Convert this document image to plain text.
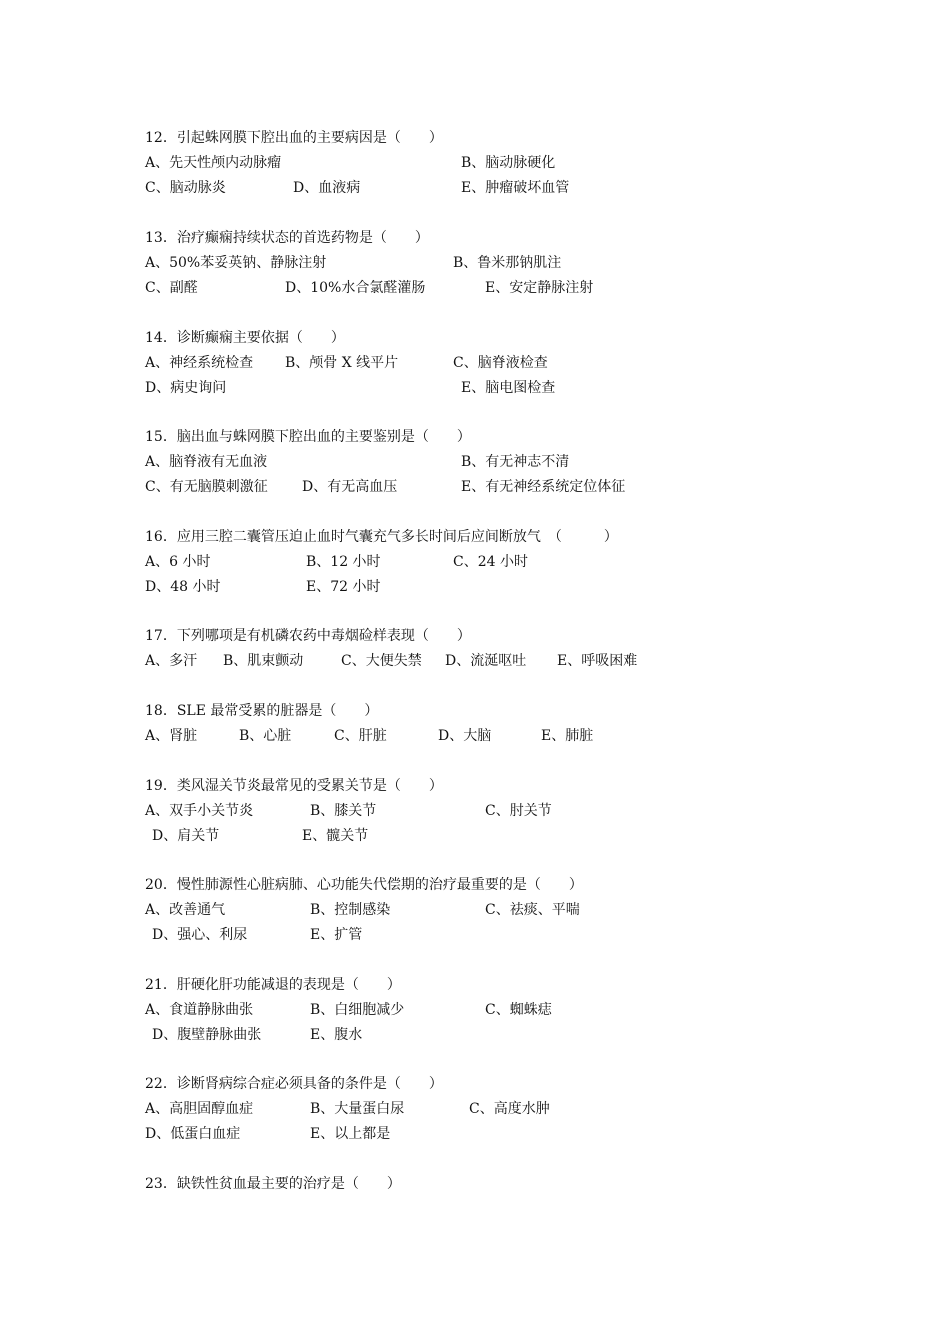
12．引起蛛网膜下腔出血的主要病因是（　　）
A、先天性颅内动脉瘤	B、脑动脉硬化
C、脑动脉炎	D、血液病	E、肿瘤破坏血管
13．治疗癫痫持续状态的首选药物是（　　）
A、50%苯妥英钠、静脉注射	B、鲁米那钠肌注
C、副醛	D、10%水合氯醛灌肠	E、安定静脉注射
14．诊断癫痫主要依据（　　）
A、神经系统检查 B、颅骨 X 线平片	C、脑脊液检查
D、病史询问	E、脑电图检查
15．脑出血与蛛网膜下腔出血的主要鉴别是（　　）
A、脑脊液有无血液	B、有无神志不清
C、有无脑膜刺激征 D、有无高血压	E、有无神经系统定位体征
16．应用三腔二囊管压迫止血时气囊充气多长时间后应间断放气　（　　　）
A、6 小时	B、12 小时	C、24 小时
D、48 小时	E、72 小时
17．下列哪项是有机磷农药中毒烟硷样表现（　　）
A、多汗 B、肌束颤动	C、大便失禁 D、流涎呕吐 E、呼吸困难
18．SLE 最常受累的脏器是（　　）
A、肾脏	B、心脏	C、肝脏	D、大脑	E、肺脏
19．类风湿关节炎最常见的受累关节是（　　）
A、双手小关节炎	B、膝关节	C、肘关节
D、肩关节	E、髋关节
20．慢性肺源性心脏病肺、心功能失代偿期的治疗最重要的是（　　）
A、改善通气	B、控制感染	C、祛痰、平喘
D、强心、利尿	E、扩管
21．肝硬化肝功能减退的表现是（　　）
A、食道静脉曲张	B、白细胞减少	C、蜘蛛痣
D、腹壁静脉曲张	E、腹水
22．诊断肾病综合症必须具备的条件是（　　）
A、高胆固醇血症	B、大量蛋白尿	C、高度水肿
D、低蛋白血症	E、以上都是
23．缺铁性贫血最主要的治疗是（　　）
